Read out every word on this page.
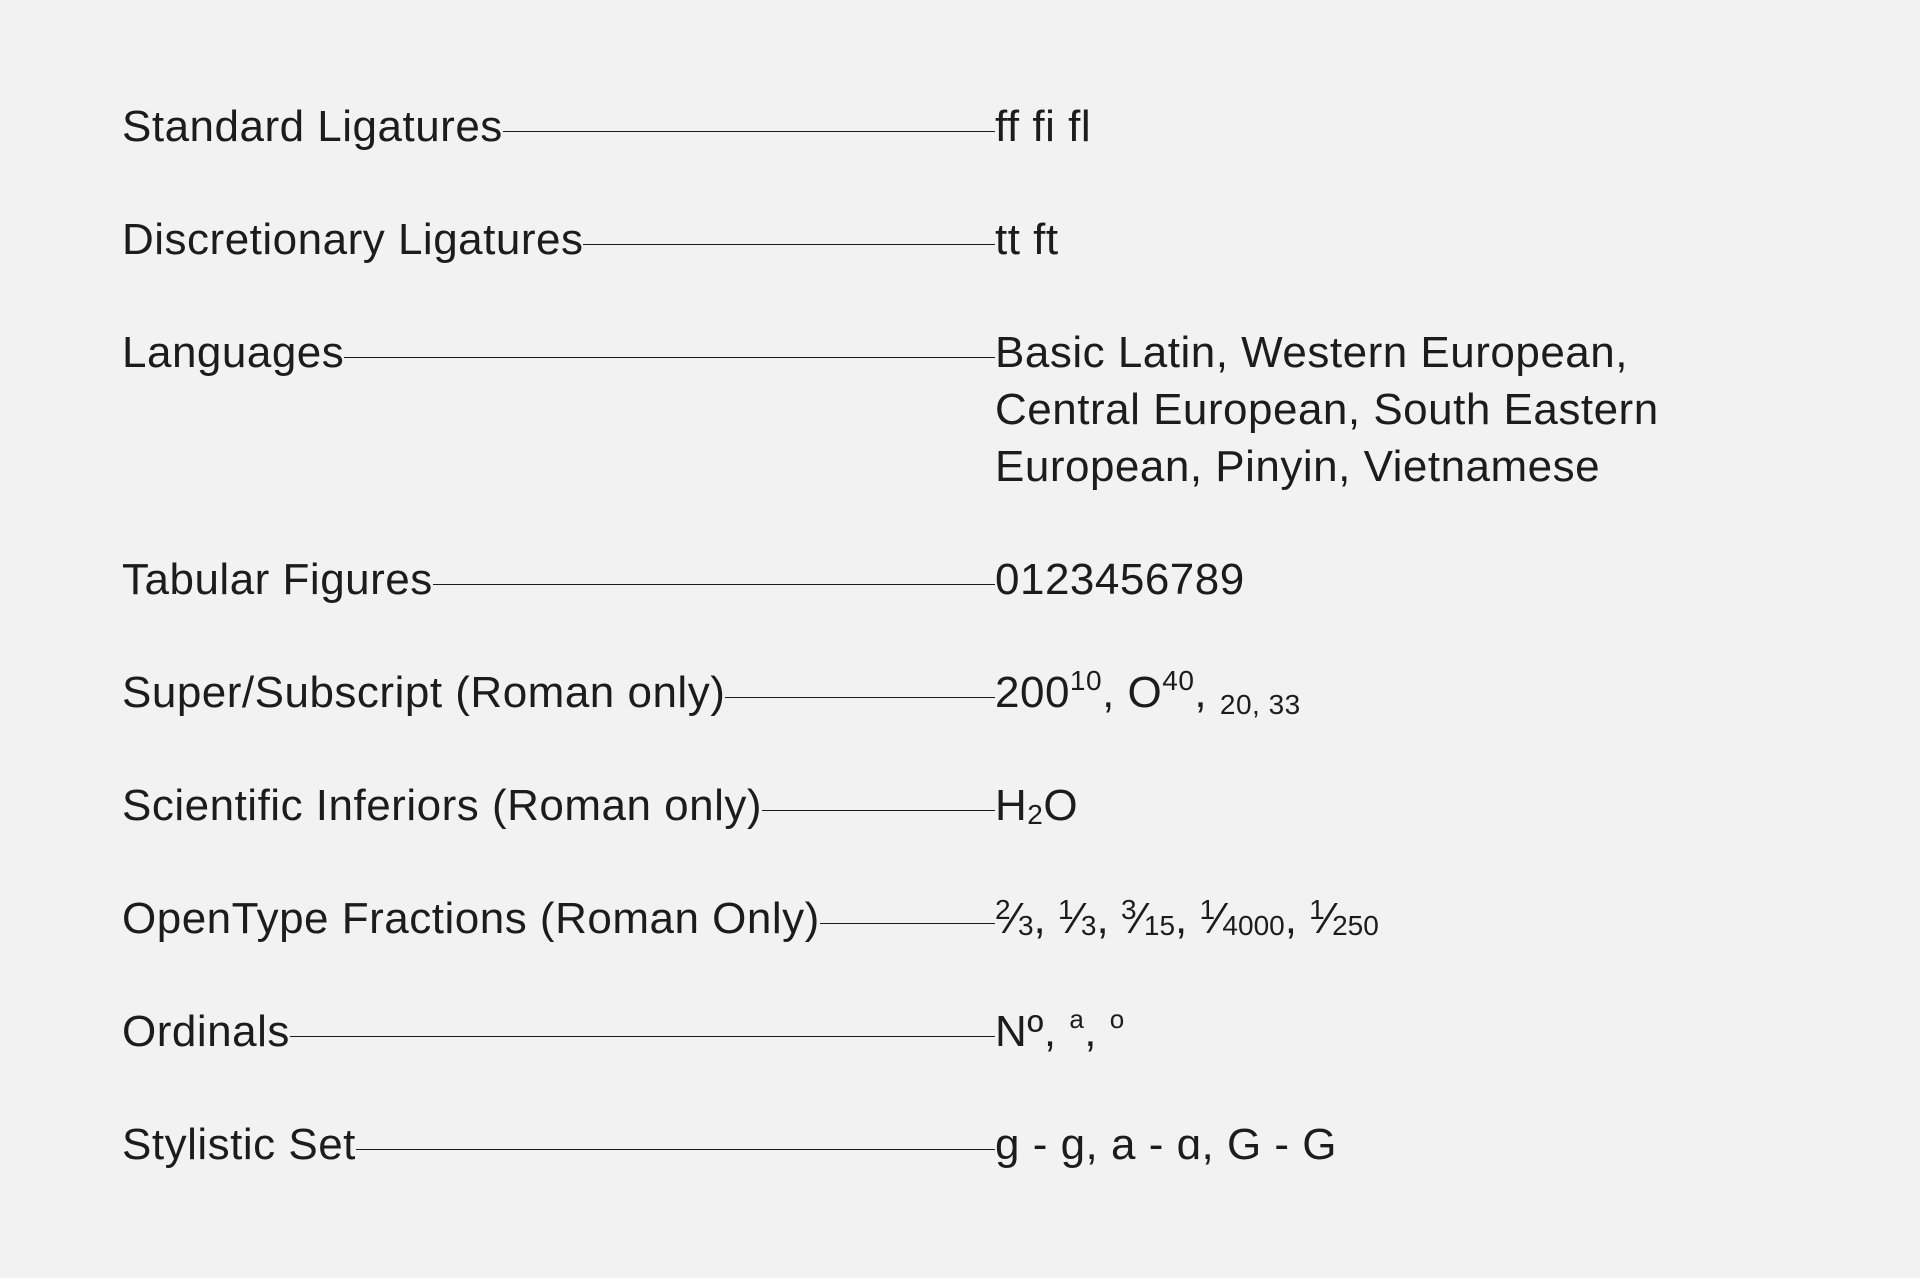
Standard Ligatures	ff fi fl
Discretionary Ligatures	tt ft
Languages	Basic Latin, Western European,
Central European, South Eastern
European, Pinyin, Vietnamese
Tabular Figures	0123456789
Super/Subscript (Roman only)	$200^{10}$, $O^{40}$, $_{20,}$ $_{33}$
Scientific Inferiors (Roman only)	H2O
OpenType Fractions (Roman Only)	$^2$⁄3, $^1$⁄3, $^3$⁄15, $^1$⁄4000, $^1$⁄250
Ordinals	Nº, $^a$, $^o$
Stylistic Set	g - g, a - ɑ, G - G
